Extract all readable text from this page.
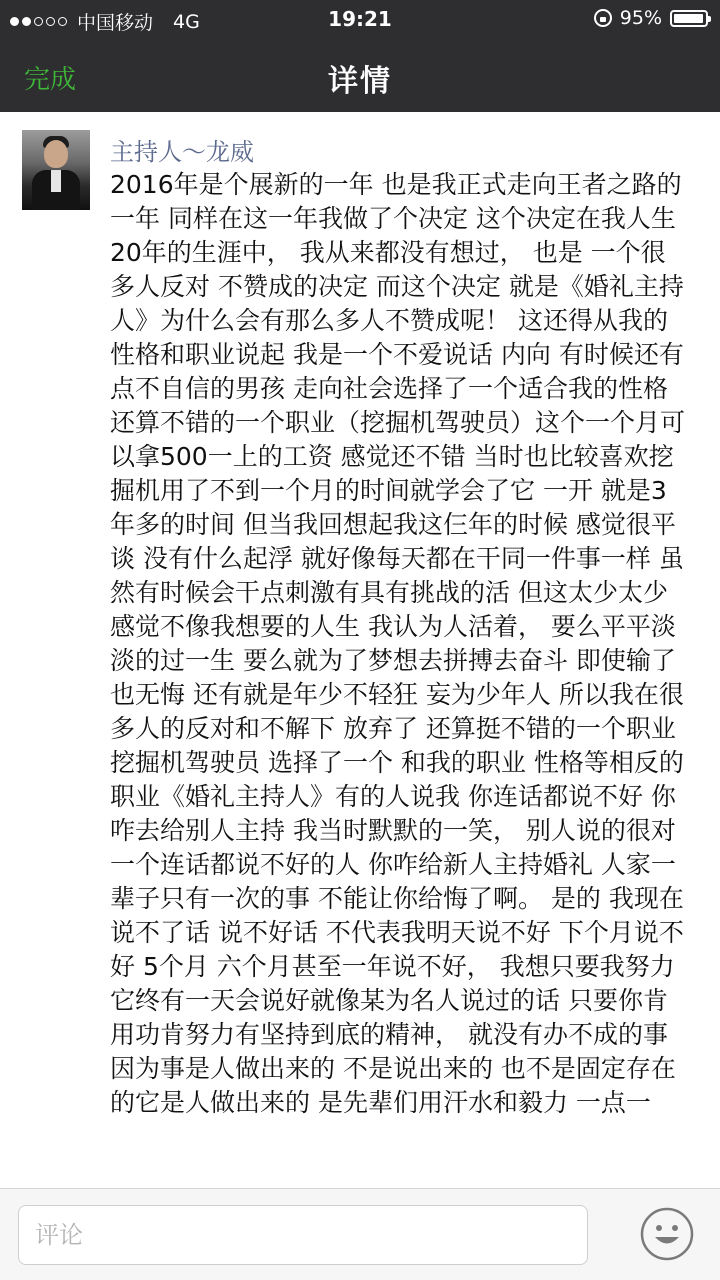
中国移动 4G	19:21	95%
完成	详情
主持人～龙威

2016年是个展新的一年 也是我正式走向王者之路的一年 同样在这一年我做了个决定 这个决定在我人生20年的生涯中， 我从来都没有想过， 也是 一个很多人反对 不赞成的决定 而这个决定 就是《婚礼主持人》为什么会有那么多人不赞成呢！ 这还得从我的性格和职业说起 我是一个不爱说话 内向 有时候还有点不自信的男孩 走向社会选择了一个适合我的性格 还算不错的一个职业（挖掘机驾驶员）这个一个月可以拿500一上的工资 感觉还不错 当时也比较喜欢挖掘机用了不到一个月的时间就学会了它 一开 就是3年多的时间 但当我回想起我这仨年的时候 感觉很平谈 没有什么起浮 就好像每天都在干同一件事一样 虽然有时候会干点刺激有具有挑战的活 但这太少太少 感觉不像我想要的人生 我认为人活着， 要么平平淡淡的过一生 要么就为了梦想去拼搏去奋斗 即使输了 也无悔 还有就是年少不轻狂 妄为少年人 所以我在很多人的反对和不解下 放弃了 还算挺不错的一个职业 挖掘机驾驶员 选择了一个 和我的职业 性格等相反的职业《婚礼主持人》有的人说我 你连话都说不好 你咋去给别人主持 我当时默默的一笑， 别人说的很对 一个连话都说不好的人 你咋给新人主持婚礼 人家一辈子只有一次的事 不能让你给悔了啊。 是的 我现在说不了话 说不好话 不代表我明天说不好 下个月说不好 5个月 六个月甚至一年说不好， 我想只要我努力它终有一天会说好就像某为名人说过的话 只要你肯用功肯努力有坚持到底的精神， 就没有办不成的事 因为事是人做出来的 不是说出来的 也不是固定存在的它是人做出来的 是先辈们用汗水和毅力 一点一

评论
